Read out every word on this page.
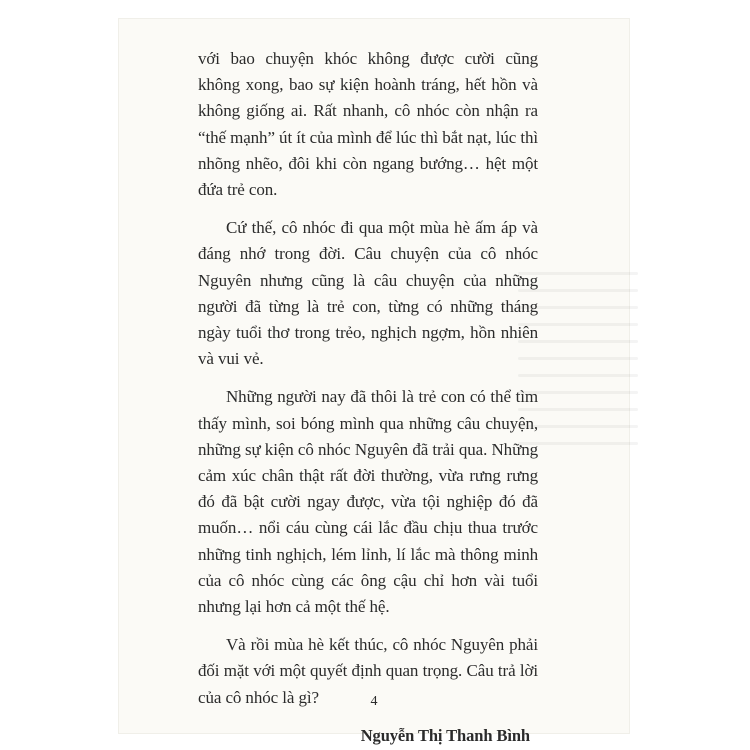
với bao chuyện khóc không được cười cũng không xong, bao sự kiện hoành tráng, hết hồn và không giống ai. Rất nhanh, cô nhóc còn nhận ra “thế mạnh” út ít của mình để lúc thì bắt nạt, lúc thì nhõng nhẽo, đôi khi còn ngang bướng… hệt một đứa trẻ con.

Cứ thế, cô nhóc đi qua một mùa hè ấm áp và đáng nhớ trong đời. Câu chuyện của cô nhóc Nguyên nhưng cũng là câu chuyện của những người đã từng là trẻ con, từng có những tháng ngày tuổi thơ trong trẻo, nghịch ngợm, hồn nhiên và vui vẻ.

Những người nay đã thôi là trẻ con có thể tìm thấy mình, soi bóng mình qua những câu chuyện, những sự kiện cô nhóc Nguyên đã trải qua. Những cảm xúc chân thật rất đời thường, vừa rưng rưng đó đã bật cười ngay được, vừa tội nghiệp đó đã muốn… nổi cáu cùng cái lắc đầu chịu thua trước những tinh nghịch, lém lỉnh, lí lắc mà thông minh của cô nhóc cùng các ông cậu chỉ hơn vài tuổi nhưng lại hơn cả một thế hệ.

Và rồi mùa hè kết thúc, cô nhóc Nguyên phải đối mặt với một quyết định quan trọng. Câu trả lời của cô nhóc là gì?

Nguyễn Thị Thanh Bình
4
